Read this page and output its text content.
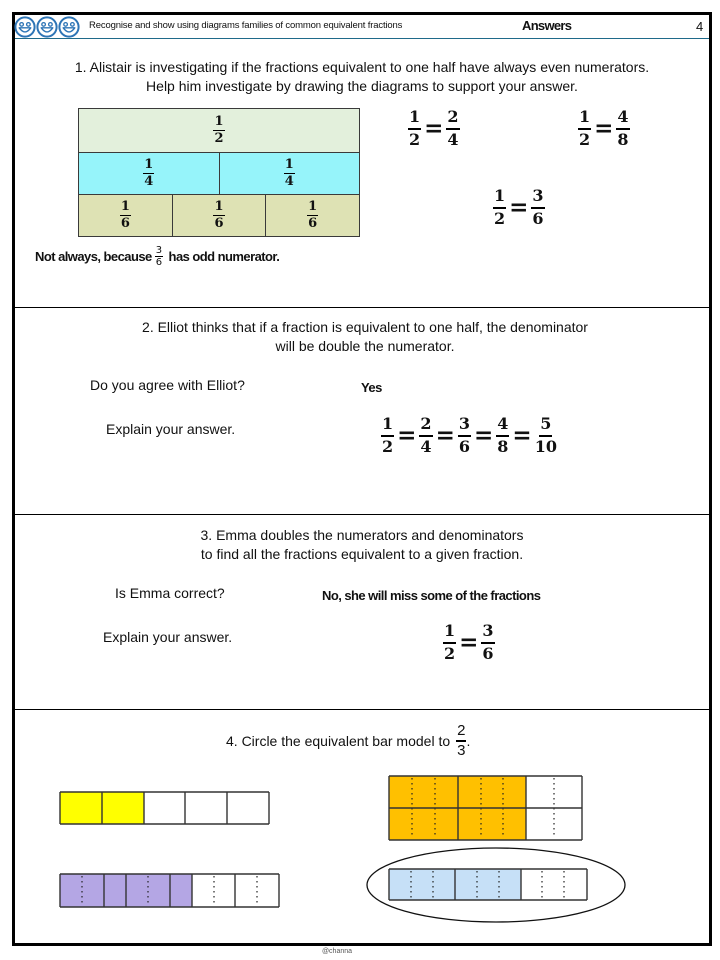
Recognise and show using diagrams families of common equivalent fractions	Answers	4
1. Alistair is investigating if the fractions equivalent to one half have always even numerators.
Help him investigate by drawing the diagrams to support your answer.
$\frac{1}{2}$
$\frac{1}{4}$	$\frac{1}{4}$
$\frac{1}{6}$	$\frac{1}{6}$	$\frac{1}{6}$
$\frac{1}{2} = \frac{2}{4}$	$\frac{1}{2} = \frac{4}{8}$
$\frac{1}{2} = \frac{3}{6}$
Not always, because $\frac{3}{6}$ has odd numerator.
2. Elliot thinks that if a fraction is equivalent to one half, the denominator
will be double the numerator.
Do you agree with Elliot?	Yes
Explain your answer.	$\frac{1}{2} = \frac{2}{4} = \frac{3}{6} = \frac{4}{8} = \frac{5}{10}$
3. Emma doubles the numerators and denominators
to find all the fractions equivalent to a given fraction.
Is Emma correct?	No, she will miss some of the fractions
Explain your answer.	$\frac{1}{2} = \frac{3}{6}$
4. Circle the equivalent bar model to $\frac{2}{3}$ .
@channa
